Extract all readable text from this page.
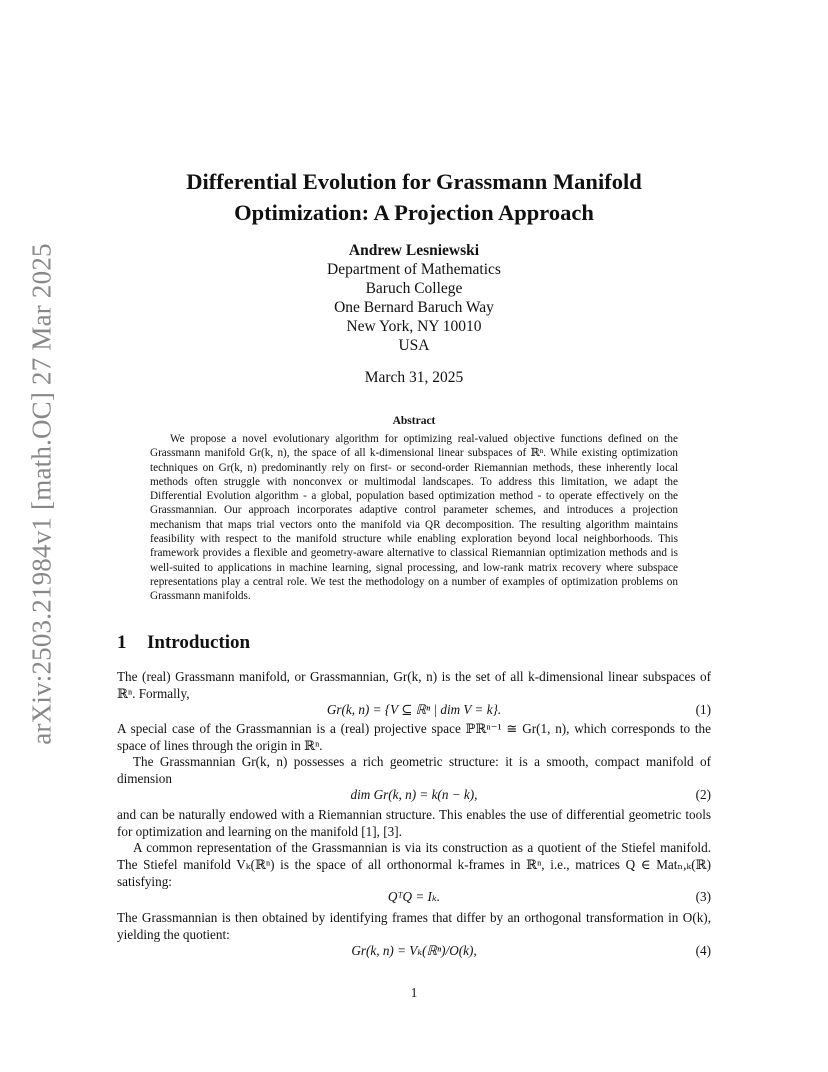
arXiv:2503.21984v1 [math.OC] 27 Mar 2025
Differential Evolution for Grassmann Manifold
Optimization: A Projection Approach
Andrew Lesniewski
Department of Mathematics
Baruch College
One Bernard Baruch Way
New York, NY 10010
USA
March 31, 2025
Abstract

We propose a novel evolutionary algorithm for optimizing real-valued objective functions defined on the Grassmann manifold Gr(k, n), the space of all k-dimensional linear subspaces of ℝⁿ. While existing optimization techniques on Gr(k, n) predominantly rely on first- or second-order Riemannian methods, these inherently local methods often struggle with nonconvex or multimodal landscapes. To address this limitation, we adapt the Differential Evolution algorithm - a global, population based optimization method - to operate effectively on the Grassmannian. Our approach incorporates adaptive control parameter schemes, and introduces a projection mechanism that maps trial vectors onto the manifold via QR decomposition. The resulting algorithm maintains feasibility with respect to the manifold structure while enabling exploration beyond local neighborhoods. This framework provides a flexible and geometry-aware alternative to classical Riemannian optimization methods and is well-suited to applications in machine learning, signal processing, and low-rank matrix recovery where subspace representations play a central role. We test the methodology on a number of examples of optimization problems on Grassmann manifolds.

1 Introduction

The (real) Grassmann manifold, or Grassmannian, Gr(k, n) is the set of all k-dimensional linear subspaces of ℝⁿ. Formally,

Gr(k, n) = {V ⊆ ℝⁿ | dim V = k}.	(1)

A special case of the Grassmannian is a (real) projective space ℙℝⁿ⁻¹ ≅ Gr(1, n), which corresponds to the space of lines through the origin in ℝⁿ.

The Grassmannian Gr(k, n) possesses a rich geometric structure: it is a smooth, compact manifold of dimension

dim Gr(k, n) = k(n − k),	(2)

and can be naturally endowed with a Riemannian structure. This enables the use of differential geometric tools for optimization and learning on the manifold [1], [3].

A common representation of the Grassmannian is via its construction as a quotient of the Stiefel manifold. The Stiefel manifold Vₖ(ℝⁿ) is the space of all orthonormal k-frames in ℝⁿ, i.e., matrices Q ∈ Matₙ,ₖ(ℝ) satisfying:

QᵀQ = Iₖ.	(3)

The Grassmannian is then obtained by identifying frames that differ by an orthogonal transformation in O(k), yielding the quotient:

Gr(k, n) = Vₖ(ℝⁿ)/O(k),	(4)
1
